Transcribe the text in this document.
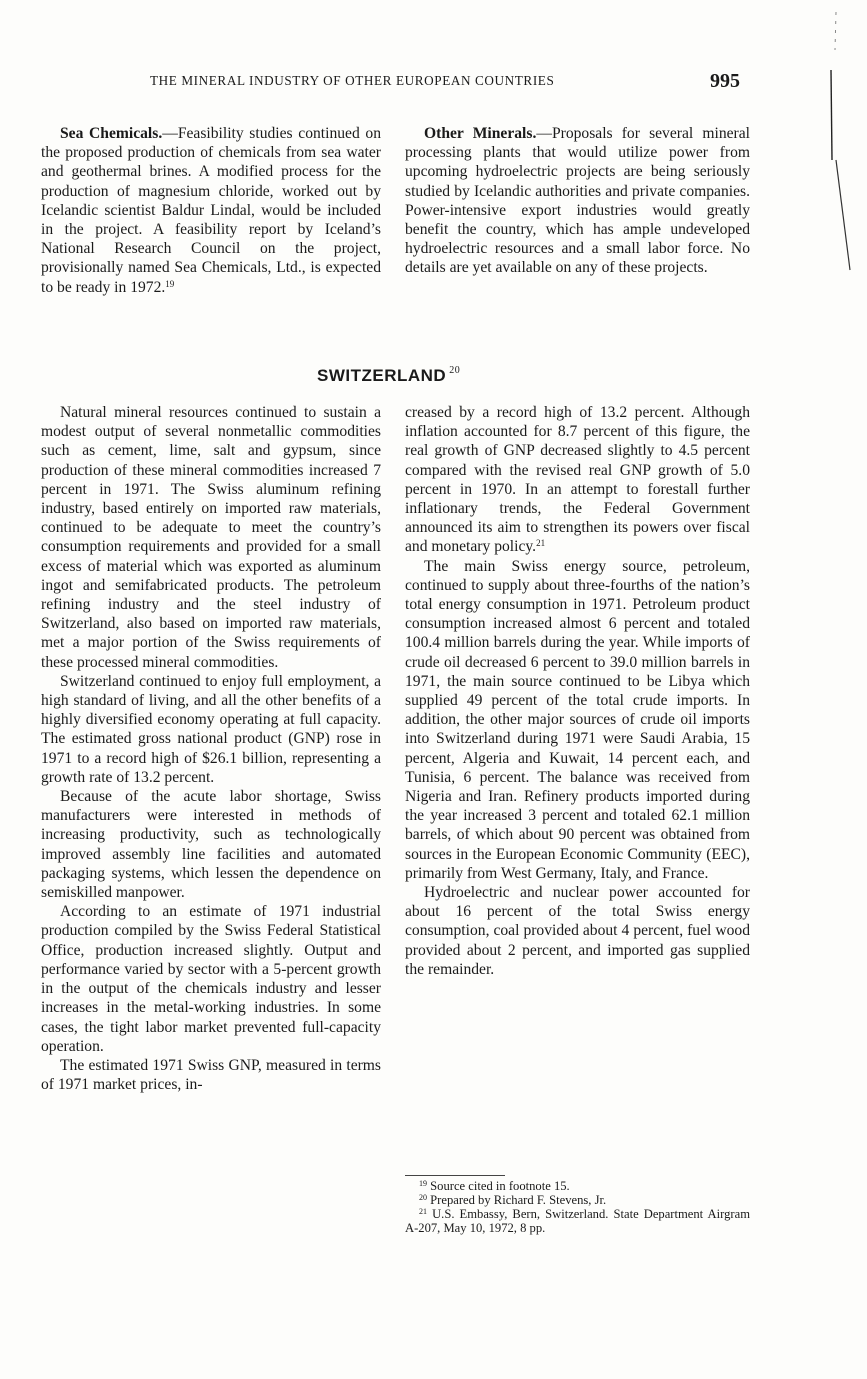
THE MINERAL INDUSTRY OF OTHER EUROPEAN COUNTRIES	995

Sea Chemicals.—Feasibility studies continued on the proposed production of chemicals from sea water and geothermal brines. A modified process for the production of magnesium chloride, worked out by Icelandic scientist Baldur Lindal, would be included in the project. A feasibility report by Iceland’s National Research Council on the project, provisionally named Sea Chemicals, Ltd., is expected to be ready in 1972.19

Other Minerals.—Proposals for several mineral processing plants that would utilize power from upcoming hydroelectric projects are being seriously studied by Icelandic authorities and private companies. Power-intensive export industries would greatly benefit the country, which has ample undeveloped hydroelectric resources and a small labor force. No details are yet available on any of these projects.

SWITZERLAND $^{20}$

Natural mineral resources continued to sustain a modest output of several nonmetallic commodities such as cement, lime, salt and gypsum, since production of these mineral commodities increased 7 percent in 1971. The Swiss aluminum refining industry, based entirely on imported raw materials, continued to be adequate to meet the country’s consumption requirements and provided for a small excess of material which was exported as aluminum ingot and semifabricated products. The petroleum refining industry and the steel industry of Switzerland, also based on imported raw materials, met a major portion of the Swiss requirements of these processed mineral commodities.

Switzerland continued to enjoy full employment, a high standard of living, and all the other benefits of a highly diversified economy operating at full capacity. The estimated gross national product (GNP) rose in 1971 to a record high of $26.1 billion, representing a growth rate of 13.2 percent.

Because of the acute labor shortage, Swiss manufacturers were interested in methods of increasing productivity, such as technologically improved assembly line facilities and automated packaging systems, which lessen the dependence on semiskilled manpower.

According to an estimate of 1971 industrial production compiled by the Swiss Federal Statistical Office, production increased slightly. Output and performance varied by sector with a 5-percent growth in the output of the chemicals industry and lesser increases in the metal-working industries. In some cases, the tight labor market prevented full-capacity operation.

The estimated 1971 Swiss GNP, measured in terms of 1971 market prices, in-

creased by a record high of 13.2 percent. Although inflation accounted for 8.7 percent of this figure, the real growth of GNP decreased slightly to 4.5 percent compared with the revised real GNP growth of 5.0 percent in 1970. In an attempt to forestall further inflationary trends, the Federal Government announced its aim to strengthen its powers over fiscal and monetary policy.$^{21}$

The main Swiss energy source, petroleum, continued to supply about three-fourths of the nation’s total energy consumption in 1971. Petroleum product consumption increased almost 6 percent and totaled 100.4 million barrels during the year. While imports of crude oil decreased 6 percent to 39.0 million barrels in 1971, the main source continued to be Libya which supplied 49 percent of the total crude imports. In addition, the other major sources of crude oil imports into Switzerland during 1971 were Saudi Arabia, 15 percent, Algeria and Kuwait, 14 percent each, and Tunisia, 6 percent. The balance was received from Nigeria and Iran. Refinery products imported during the year increased 3 percent and totaled 62.1 million barrels, of which about 90 percent was obtained from sources in the European Economic Community (EEC), primarily from West Germany, Italy, and France.

Hydroelectric and nuclear power accounted for about 16 percent of the total Swiss energy consumption, coal provided about 4 percent, fuel wood provided about 2 percent, and imported gas supplied the remainder.

$^{19}$ Source cited in footnote 15.

$^{20}$ Prepared by Richard F. Stevens, Jr.

$^{21}$ U.S. Embassy, Bern, Switzerland. State Department Airgram A-207, May 10, 1972, 8 pp.
